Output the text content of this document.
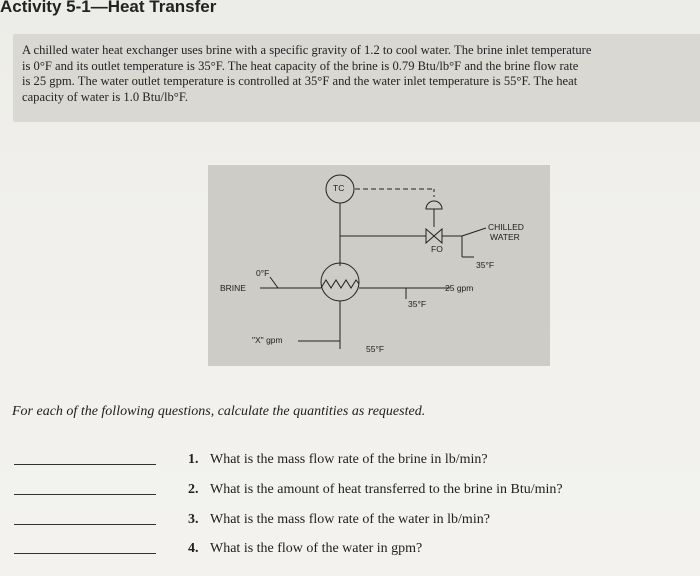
Activity 5-1—Heat Transfer

A chilled water heat exchanger uses brine with a specific gravity of 1.2 to cool water. The brine inlet temperature
is 0°F and its outlet temperature is 35°F. The heat capacity of the brine is 0.79 Btu/lb°F and the brine flow rate
is 25 gpm. The water outlet temperature is controlled at 35°F and the water inlet temperature is 55°F. The heat
capacity of water is 1.0 Btu/lb°F.

TC
CHILLED
WATER
FO
0°F
35°F
BRINE	25 gpm
35°F
"X" gpm
55°F
For each of the following questions, calculate the quantities as requested.
1. What is the mass flow rate of the brine in lb/min?
2. What is the amount of heat transferred to the brine in Btu/min?
3. What is the mass flow rate of the water in lb/min?
4. What is the flow of the water in gpm?
